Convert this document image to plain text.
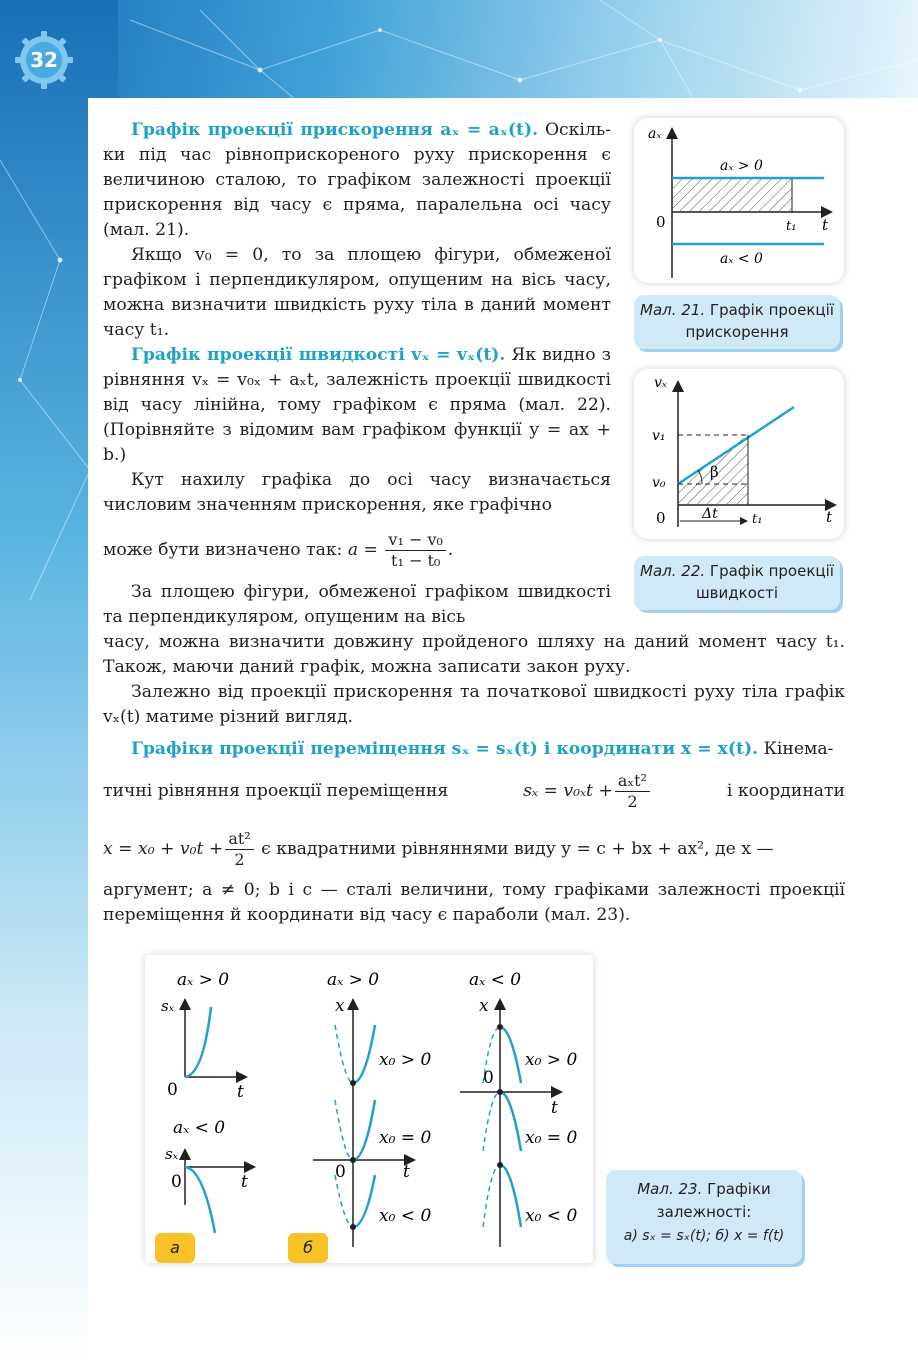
32

Графік проекції прискорення aₓ = aₓ(t). Оскільки під час рівноприскореного руху прискорення є величиною сталою, то графіком залежності проекції прискорення від часу є пряма, паралельна осі часу (мал. 21).

Якщо v₀ = 0, то за площею фігури, обмеженої графіком і перпендикуляром, опущеним на вісь часу, можна визначити швидкість руху тіла в даний момент часу t₁.

Графік проекції швидкості vₓ = vₓ(t). Як видно з рівняння vₓ = v₀ₓ + aₓt, залежність проекції швидкості від часу лінійна, тому графіком є пряма (мал. 22). (Порівняйте з відомим вам графіком функції y = ax + b.)

Кут нахилу графіка до осі часу визначається числовим значенням прискорення, яке графічно

може бути визначено так: $a = \frac{\text{v₁ − v₀}}{\text{t₁ − t₀}}$ .

За площею фігури, обмеженої графіком швидкості та перпендикуляром, опущеним на вісь

часу, можна визначити довжину пройденого шляху на даний момент часу t₁. Також, маючи даний графік, можна записати закон руху.

Залежно від проекції прискорення та початкової швидкості руху тіла графік vₓ(t) матиме різний вигляд.

Графіки проекції переміщення sₓ = sₓ(t) і координати x = x(t). Кінема-

тичні рівняння проекції переміщення	$s_x = v_{0x}t + \frac{\text{aₓt²}}{2}$	і координати
$x = x_0 + v_0t + \frac{\text{at²}}{2}$ є квадратними рівняннями виду y = c + bx + ax², де x —

аргумент; a ≠ 0; b і c — сталі величини, тому графіками залежності проекції переміщення й координати від часу є параболи (мал. 23).

aₓ
t
0	t₁
aₓ > 0
aₓ < 0
Мал. 21. Графік проекції прискорення
vₓ
t
0
v₁
v₀
t₁
Δt
β
Мал. 22. Графік проекції швидкості
aₓ > 0
sₓ
0	t
aₓ < 0
sₓ
0	t
aₓ > 0
x
x₀ > 0
x₀ = 0
x₀ < 0
0	t
aₓ < 0
x
x₀ > 0
x₀ = 0
x₀ < 0
0
t
а	б
Мал. 23. Графіки залежності:
а) sₓ = sₓ(t); б) x = f(t)
